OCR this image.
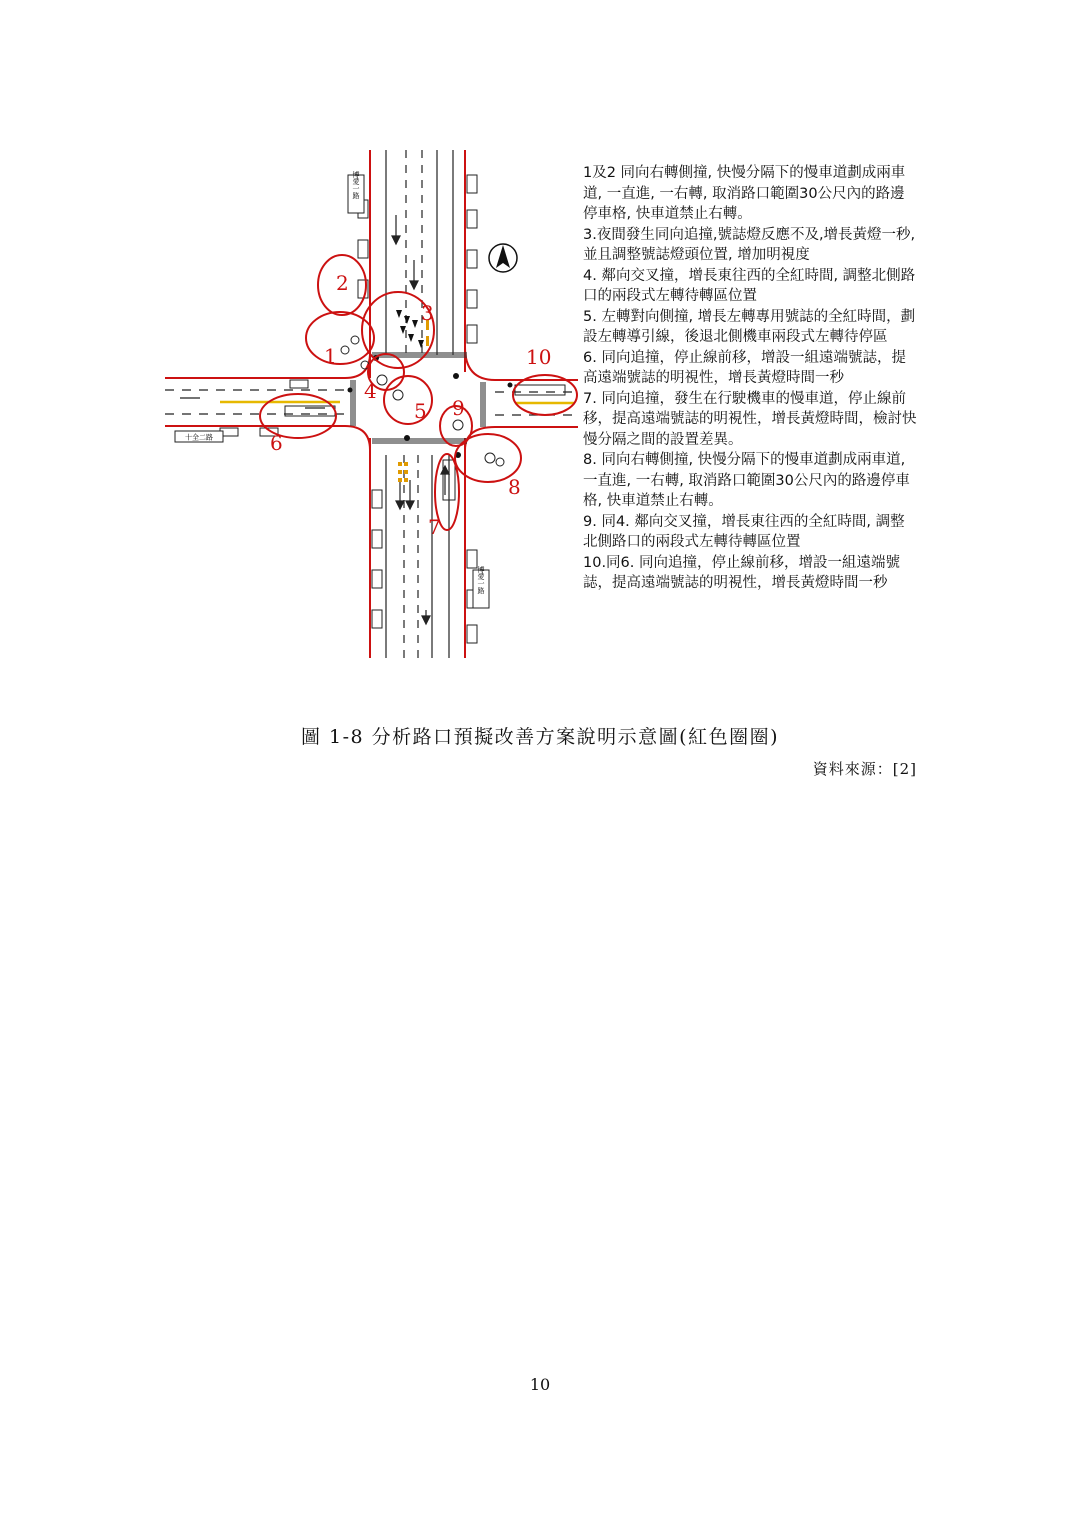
博愛一路
博愛一路
十全二路
2
1
3
4
5
6
7
8
9
10

1及2 同向右轉側撞, 快慢分隔下的慢車道劃成兩車道, 一直進, 一右轉, 取消路口範圍30公尺內的路邊停車格, 快車道禁止右轉。

3.夜間發生同向追撞,號誌燈反應不及,增長黃燈一秒,並且調整號誌燈頭位置, 增加明視度

4. 鄰向交叉撞，增長東往西的全紅時間, 調整北側路口的兩段式左轉待轉區位置

5. 左轉對向側撞, 增長左轉專用號誌的全紅時間，劃設左轉導引線，後退北側機車兩段式左轉待停區

6. 同向追撞，停止線前移，增設一組遠端號誌，提高遠端號誌的明視性，增長黃燈時間一秒

7. 同向追撞，發生在行駛機車的慢車道，停止線前移，提高遠端號誌的明視性，增長黃燈時間，檢討快慢分隔之間的設置差異。

8. 同向右轉側撞, 快慢分隔下的慢車道劃成兩車道, 一直進, 一右轉, 取消路口範圍30公尺內的路邊停車格, 快車道禁止右轉。

9. 同4. 鄰向交叉撞，增長東往西的全紅時間, 調整北側路口的兩段式左轉待轉區位置

10.同6. 同向追撞，停止線前移，增設一組遠端號誌，提高遠端號誌的明視性，增長黃燈時間一秒

圖 1-8 分析路口預擬改善方案說明示意圖(紅色圈圈)
資料來源：[2]
10
